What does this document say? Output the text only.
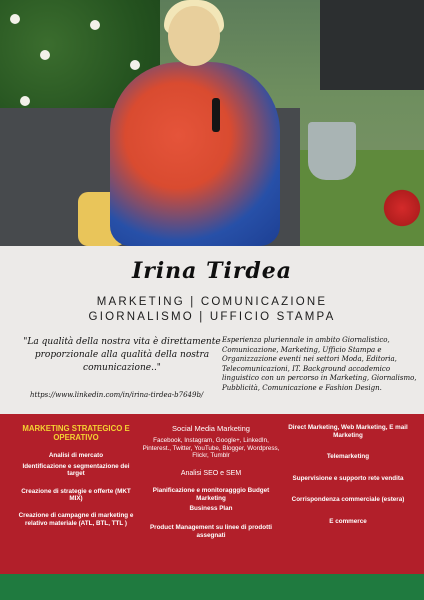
Irina Tirdea
MARKETING | COMUNICAZIONE
GIORNALISMO | UFFICIO STAMPA
"La qualità della nostra vita è direttamente proporzionale alla qualità della nostra comunicazione.."
https://www.linkedin.com/in/irina-tirdea-b7649b/
Esperienza pluriennale in ambito Giornalistico, Comunicazione, Marketing, Ufficio Stampa e Organizzazione eventi nei settori Moda, Editoria, Telecomunicazioni, IT. Background accademico linguistico con un percorso in Marketing, Giornalismo, Pubblicità, Comunicazione e Fashion Design.
MARKETING STRATEGICO E OPERATIVO
Analisi di mercato
Identificazione e segmentazione dei target
Creazione di strategie e offerte (MKT MIX)
Creazione di campagne di marketing e relativo materiale (ATL, BTL, TTL )
Social Media Marketing
Facebook, Instagram, Google+, LinkedIn, Pinterest., Twitter, YouTube, Blogger, Wordpress, Flickr, Tumblr
Analisi SEO e SEM
Pianificazione e monitoragggio Budget Marketing
Business Plan
Product Management su linee di prodotti assegnati
Direct Marketing, Web Marketing, E mail Marketing
Telemarketing
Supervisione e supporto rete vendita
Corrispondenza commerciale (estera)
E commerce
